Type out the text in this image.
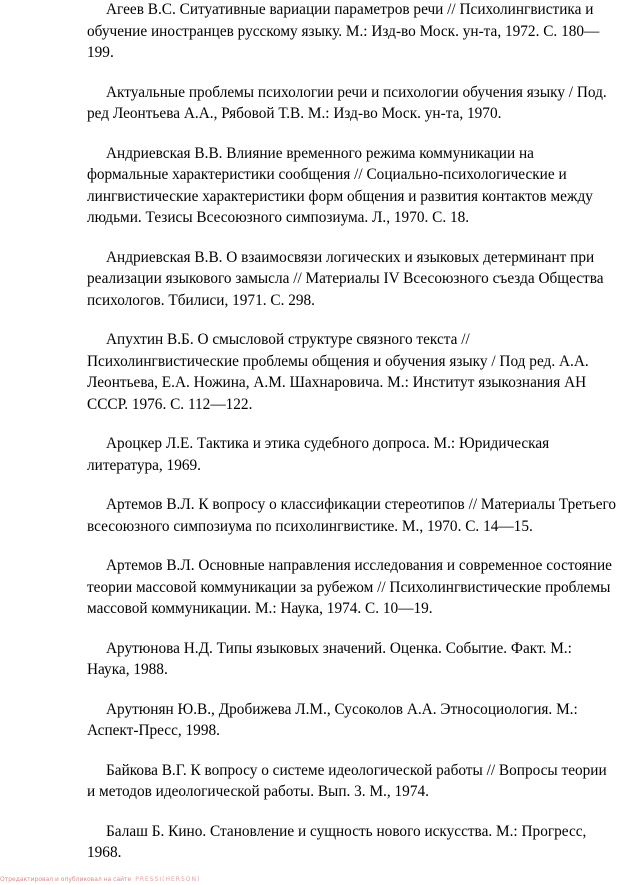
Агеев В.С. Ситуативные вариации параметров речи // Психолингвистика и обучение иностранцев русскому языку. М.: Изд-во Моск. ун-та, 1972. С. 180—199.
Актуальные проблемы психологии речи и психологии обучения языку / Под. ред Леонтьева А.А., Рябовой Т.В. М.: Изд-во Моск. ун-та, 1970.
Андриевская В.В. Влияние временного режима коммуникации на формальные характеристики сообщения // Социально-психологические и лингвистические характеристики форм общения и развития контактов между людьми. Тезисы Всесоюзного симпозиума. Л., 1970. С. 18.
Андриевская В.В. О взаимосвязи логических и языковых детерминант при реализации языкового замысла // Материалы IV Всесоюзного съезда Общества психологов. Тбилиси, 1971. С. 298.
Апухтин В.Б. О смысловой структуре связного текста // Психолингвистические проблемы общения и обучения языку / Под ред. А.А. Леонтьева, Е.А. Ножина, А.М. Шахнаровича. М.: Институт языкознания АН СССР. 1976. С. 112—122.
Ароцкер Л.Е. Тактика и этика судебного допроса. М.: Юридическая литература, 1969.
Артемов В.Л. К вопросу о классификации стереотипов // Материалы Третьего всесоюзного симпозиума по психолингвистике. М., 1970. С. 14—15.
Артемов В.Л. Основные направления исследования и современное состояние теории массовой коммуникации за рубежом // Психолингвистические проблемы массовой коммуникации. М.: Наука, 1974. С. 10—19.
Арутюнова Н.Д. Типы языковых значений. Оценка. Событие. Факт. М.: Наука, 1988.
Арутюнян Ю.В., Дробижева Л.М., Сусоколов А.А. Этносоциология. М.: Аспект-Пресс, 1998.
Байкова В.Г. К вопросу о системе идеологической работы // Вопросы теории и методов идеологической работы. Вып. 3. М., 1974.
Балаш Б. Кино. Становление и сущность нового искусства. М.: Прогресс, 1968.
Отредактировал и опубликовал на сайте PRESSI(HERSON)
